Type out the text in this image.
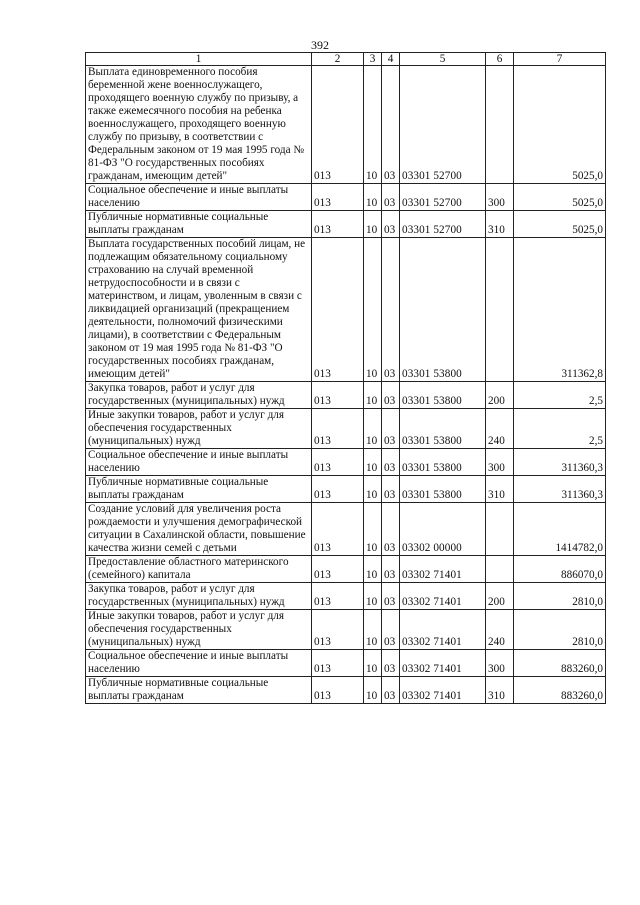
392
1	2	3	4	5	6	7
Выплата единовременного пособия беременной жене военнослужащего, проходящего военную службу по призыву, а также ежемесячного пособия на ребенка военнослужащего, проходящего военную службу по призыву, в соответствии с Федеральным законом от 19 мая 1995 года № 81-ФЗ "О государственных пособиях гражданам, имеющим детей"	013	10	03	03301 52700		5025,0
Социальное обеспечение и иные выплаты населению	013	10	03	03301 52700	300	5025,0
Публичные нормативные социальные выплаты гражданам	013	10	03	03301 52700	310	5025,0
Выплата государственных пособий лицам, не подлежащим обязательному социальному страхованию на случай временной нетрудоспособности и в связи с материнством, и лицам, уволенным в связи с ликвидацией организаций (прекращением деятельности, полномочий физическими лицами), в соответствии с Федеральным законом от 19 мая 1995 года № 81-ФЗ "О государственных пособиях гражданам, имеющим детей"	013	10	03	03301 53800		311362,8
Закупка товаров, работ и услуг для государственных (муниципальных) нужд	013	10	03	03301 53800	200	2,5
Иные закупки товаров, работ и услуг для обеспечения государственных (муниципальных) нужд	013	10	03	03301 53800	240	2,5
Социальное обеспечение и иные выплаты населению	013	10	03	03301 53800	300	311360,3
Публичные нормативные социальные выплаты гражданам	013	10	03	03301 53800	310	311360,3
Создание условий для увеличения роста рождаемости и улучшения демографической ситуации в Сахалинской области, повышение качества жизни семей с детьми	013	10	03	03302 00000		1414782,0
Предоставление областного материнского (семейного) капитала	013	10	03	03302 71401		886070,0
Закупка товаров, работ и услуг для государственных (муниципальных) нужд	013	10	03	03302 71401	200	2810,0
Иные закупки товаров, работ и услуг для обеспечения государственных (муниципальных) нужд	013	10	03	03302 71401	240	2810,0
Социальное обеспечение и иные выплаты населению	013	10	03	03302 71401	300	883260,0
Публичные нормативные социальные выплаты гражданам	013	10	03	03302 71401	310	883260,0
